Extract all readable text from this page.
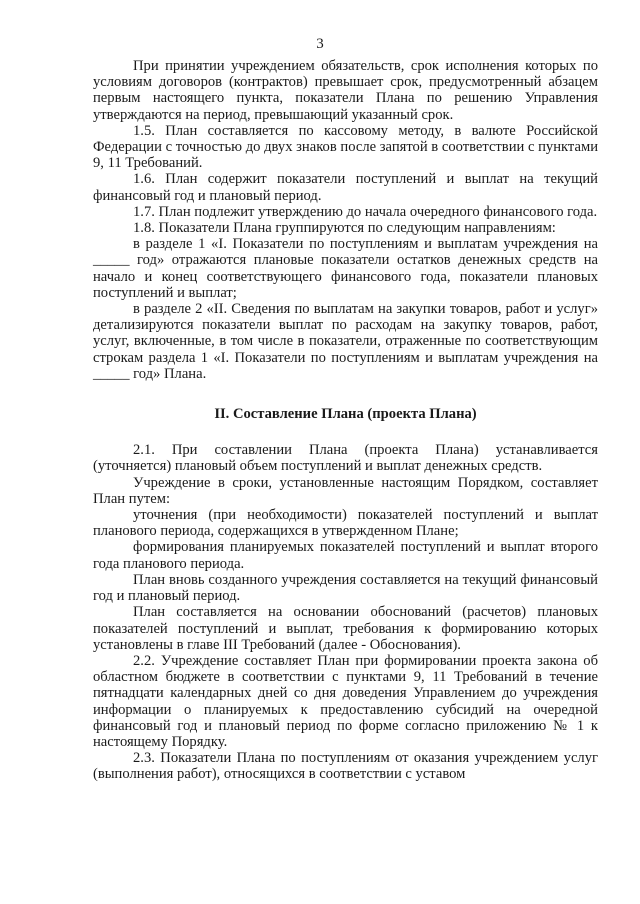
3

При принятии учреждением обязательств, срок исполнения которых по условиям договоров (контрактов) превышает срок, предусмотренный абзацем первым настоящего пункта, показатели Плана по решению Управления утверждаются на период, превышающий указанный срок.

1.5. План составляется по кассовому методу, в валюте Российской Федерации с точностью до двух знаков после запятой в соответствии с пунктами 9, 11 Требований.

1.6. План содержит показатели поступлений и выплат на текущий финансовый год и плановый период.

1.7. План подлежит утверждению до начала очередного финансового года.

1.8. Показатели Плана группируются по следующим направлениям:

в разделе 1 «I. Показатели по поступлениям и выплатам учреждения на _____ год» отражаются плановые показатели остатков денежных средств на начало и конец соответствующего финансового года, показатели плановых поступлений и выплат;

в разделе 2 «II. Сведения по выплатам на закупки товаров, работ и услуг» детализируются показатели выплат по расходам на закупку товаров, работ, услуг, включенные, в том числе в показатели, отраженные по соответствующим строкам раздела 1 «I. Показатели по поступлениям и выплатам учреждения на _____ год» Плана.

II. Составление Плана (проекта Плана)

2.1. При составлении Плана (проекта Плана) устанавливается (уточняется) плановый объем поступлений и выплат денежных средств.

Учреждение в сроки, установленные настоящим Порядком, составляет План путем:

уточнения (при необходимости) показателей поступлений и выплат планового периода, содержащихся в утвержденном Плане;

формирования планируемых показателей поступлений и выплат второго года планового периода.

План вновь созданного учреждения составляется на текущий финансовый год и плановый период.

План составляется на основании обоснований (расчетов) плановых показателей поступлений и выплат, требования к формированию которых установлены в главе III Требований (далее - Обоснования).

2.2. Учреждение составляет План при формировании проекта закона об областном бюджете в соответствии с пунктами 9, 11 Требований в течение пятнадцати календарных дней со дня доведения Управлением до учреждения информации о планируемых к предоставлению субсидий на очередной финансовый год и плановый период по форме согласно приложению № 1 к настоящему Порядку.

2.3. Показатели Плана по поступлениям от оказания учреждением услуг (выполнения работ), относящихся в соответствии с уставом
